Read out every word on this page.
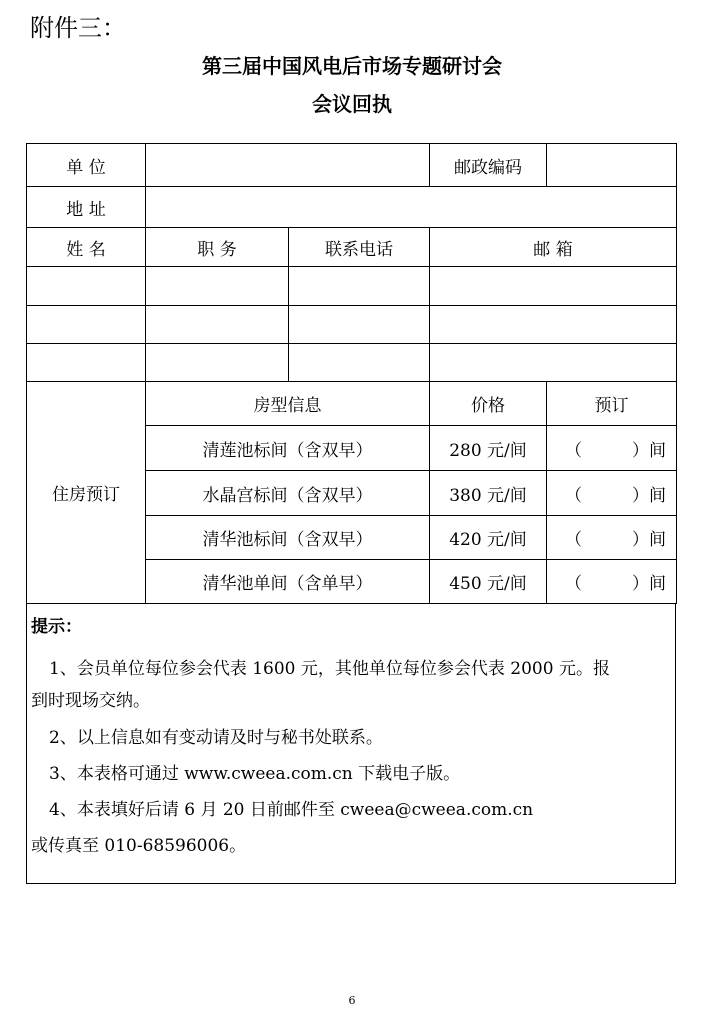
附件三：
第三届中国风电后市场专题研讨会
会议回执
单 位			邮政编码	
地 址				
姓 名	职 务	联系电话	邮 箱	

住房预订	房型信息		价格	预订
	清莲池标间（含双早）		280 元/间	（ ）间

	水晶宫标间（含双早）		380 元/间	（ ）间

	清华池标间（含双早）		420 元/间	（ ）间

	清华池单间（含单早）		450 元/间	（ ）间
提示：
1、会员单位每位参会代表 1600 元，其他单位每位参会代表 2000 元。报
到时现场交纳。
2、以上信息如有变动请及时与秘书处联系。
3、本表格可通过 www.cweea.com.cn 下载电子版。
4、本表填好后请 6 月 20 日前邮件至 cweea@cweea.com.cn
或传真至 010-68596006。
6
